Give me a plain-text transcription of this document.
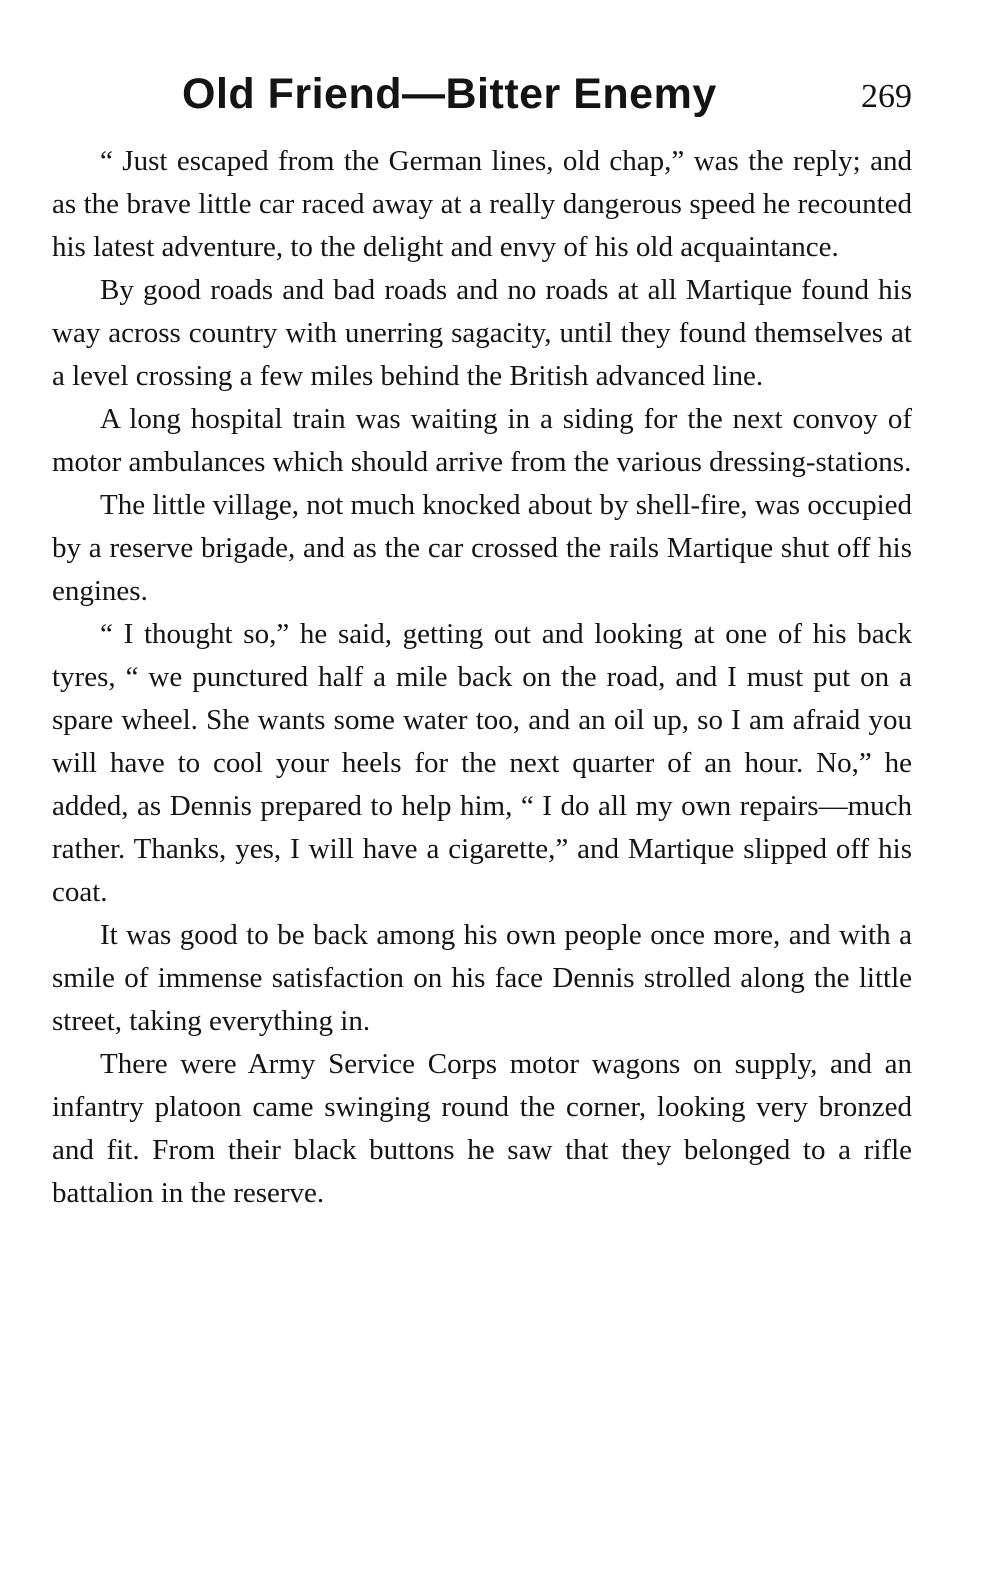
Old Friend—Bitter Enemy	269

“ Just escaped from the German lines, old chap,” was the reply; and as the brave little car raced away at a really dangerous speed he recounted his latest adventure, to the delight and envy of his old acquaintance.

By good roads and bad roads and no roads at all Martique found his way across country with unerring sagacity, until they found themselves at a level crossing a few miles behind the British advanced line.

A long hospital train was waiting in a siding for the next convoy of motor ambulances which should arrive from the various dressing-stations.

The little village, not much knocked about by shell-fire, was occupied by a reserve brigade, and as the car crossed the rails Martique shut off his engines.

“ I thought so,” he said, getting out and looking at one of his back tyres, “ we punctured half a mile back on the road, and I must put on a spare wheel. She wants some water too, and an oil up, so I am afraid you will have to cool your heels for the next quarter of an hour. No,” he added, as Dennis prepared to help him, “ I do all my own repairs—much rather. Thanks, yes, I will have a cigarette,” and Martique slipped off his coat.

It was good to be back among his own people once more, and with a smile of immense satisfaction on his face Dennis strolled along the little street, taking everything in.

There were Army Service Corps motor wagons on supply, and an infantry platoon came swinging round the corner, looking very bronzed and fit. From their black buttons he saw that they belonged to a rifle battalion in the reserve.
